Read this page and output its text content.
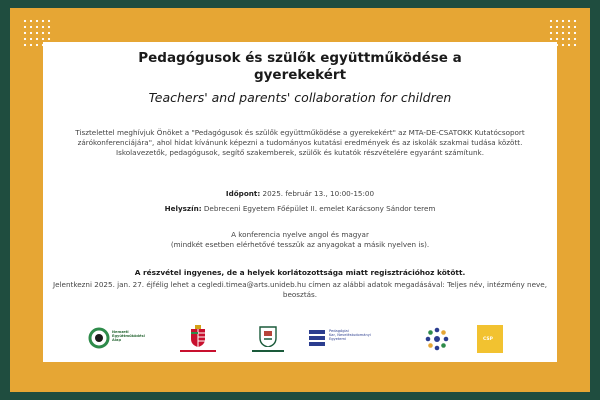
Pedagógusok és szülők együttműködése a gyerekekért
Teachers' and parents' collaboration for children
Tisztelettel meghívjuk Önöket a "Pedagógusok és szülők együttműködése a gyerekekért" az MTA-DE-CSATOKK Kutatócsoport zárókonferenciájára", ahol hidat kívánunk képezni a tudományos kutatási eredmények és az iskolák szakmai tudása között. Iskolavezetők, pedagógusok, segítő szakemberek, szülők és kutatók részvételére egyaránt számítunk.
Időpont: 2025. február 13., 10:00-15:00
Helyszín: Debreceni Egyetem Főépület II. emelet Karácsony Sándor terem
A konferencia nyelve angol és magyar
(mindkét esetben elérhetővé tesszük az anyagokat a másik nyelven is).
A részvétel ingyenes, de a helyek korlátozottsága miatt regisztrációhoz kötött.
Jelentkezni 2025. jan. 27. éjfélig lehet a cegledi.timea@arts.unideb.hu címen az alábbi adatok megadásával: Teljes név, intézmény neve, beosztás.
Nemzeti
Együttműködési
Alap
Pedagógiai
Kar, Neveléstudományi
Egyetemi	CSP
